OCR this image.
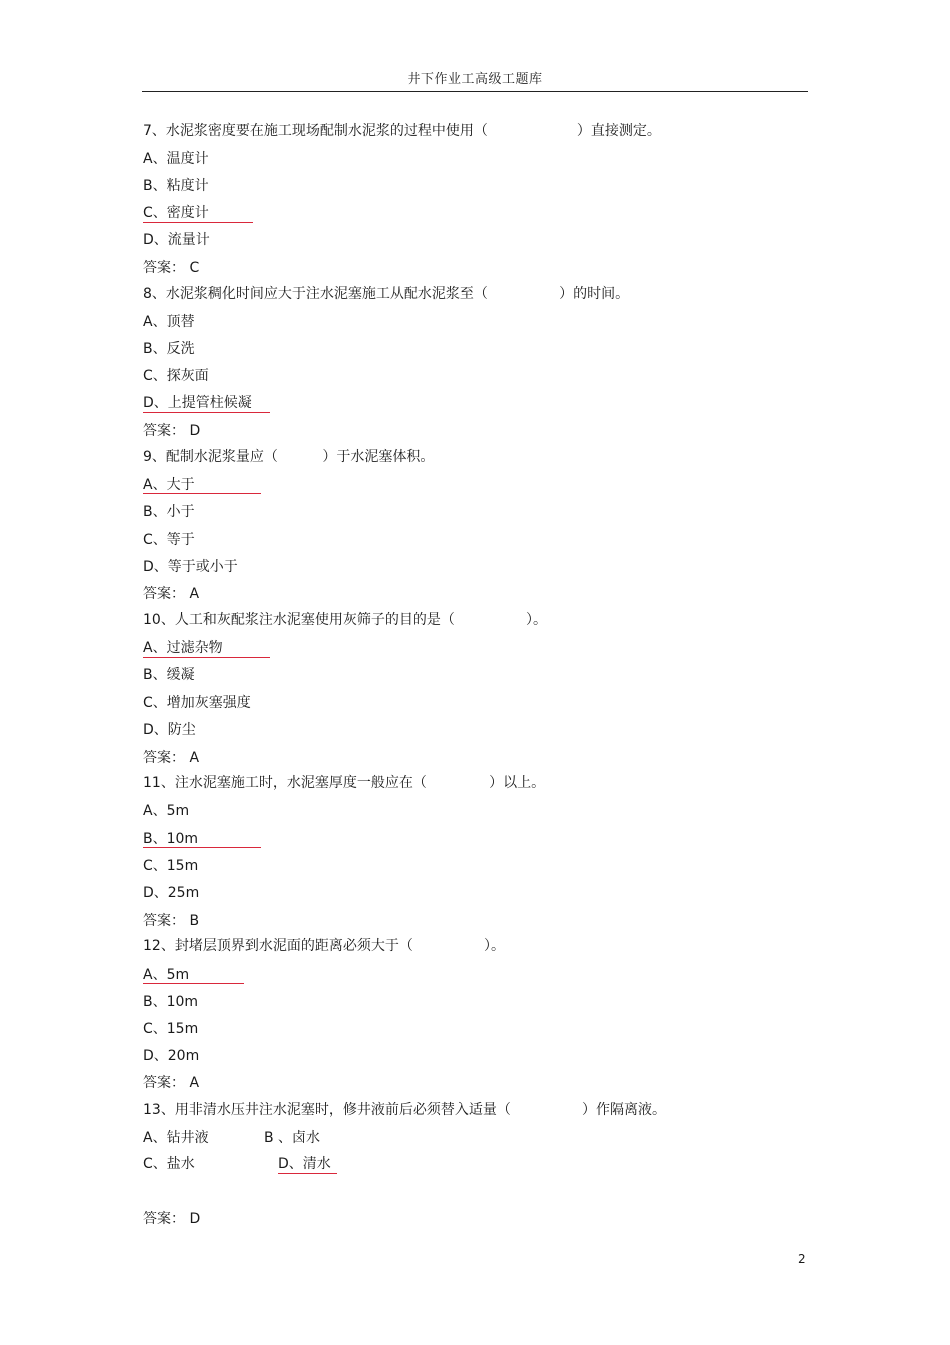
井下作业工高级工题库
7、水泥浆密度要在施工现场配制水泥浆的过程中使用（                    ）直接测定。
A、温度计
B、粘度计
C、密度计
D、流量计
答案： C
8、水泥浆稠化时间应大于注水泥塞施工从配水泥浆至（                ）的时间。
A、顶替
B、反洗
C、探灰面
D、上提管柱候凝
答案： D
9、配制水泥浆量应（          ）于水泥塞体积。
A、大于
B、小于
C、等于
D、等于或小于
答案： A
10、人工和灰配浆注水泥塞使用灰筛子的目的是（                ）。
A、过滤杂物
B、缓凝
C、增加灰塞强度
D、防尘
答案： A
11、注水泥塞施工时，水泥塞厚度一般应在（              ）以上。
A、5m
B、10m
C、15m
D、25m
答案： B
12、封堵层顶界到水泥面的距离必须大于（                ）。
A、5m
B、10m
C、15m
D、20m
答案： A
13、用非清水压井注水泥塞时，修井液前后必须替入适量（                ）作隔离液。
A、钻井液	B 、卤水
C、盐水	D、清水
答案： D
2
